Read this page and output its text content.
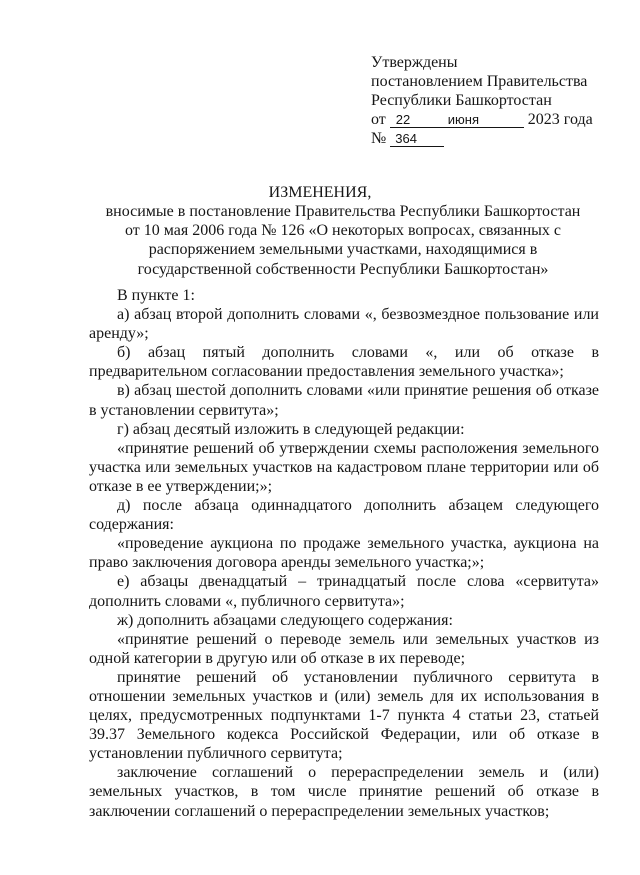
Утверждены
постановлением Правительства
Республики Башкортостан
от 22	июня	2023 года
№ 364
ИЗМЕНЕНИЯ,
вносимые в постановление Правительства Республики Башкортостан от 10 мая 2006 года № 126 «О некоторых вопросах, связанных с распоряжением земельными участками, находящимися в государственной собственности Республики Башкортостан»

В пункте 1:

а) абзац второй дополнить словами «, безвозмездное пользование или аренду»;

б) абзац пятый дополнить словами «, или об отказе в предварительном согласовании предоставления земельного участка»;

в) абзац шестой дополнить словами «или принятие решения об отказе в установлении сервитута»;

г) абзац десятый изложить в следующей редакции:

«принятие решений об утверждении схемы расположения земельного участка или земельных участков на кадастровом плане территории или об отказе в ее утверждении;»;

д) после абзаца одиннадцатого дополнить абзацем следующего содержания:

«проведение аукциона по продаже земельного участка, аукциона на право заключения договора аренды земельного участка;»;

е) абзацы двенадцатый – тринадцатый после слова «сервитута» дополнить словами «, публичного сервитута»;

ж) дополнить абзацами следующего содержания:

«принятие решений о переводе земель или земельных участков из одной категории в другую или об отказе в их переводе;

принятие решений об установлении публичного сервитута в отношении земельных участков и (или) земель для их использования в целях, предусмотренных подпунктами 1-7 пункта 4 статьи 23, статьей 39.37 Земельного кодекса Российской Федерации, или об отказе в установлении публичного сервитута;

заключение соглашений о перераспределении земель и (или) земельных участков, в том числе принятие решений об отказе в заключении соглашений о перераспределении земельных участков;
